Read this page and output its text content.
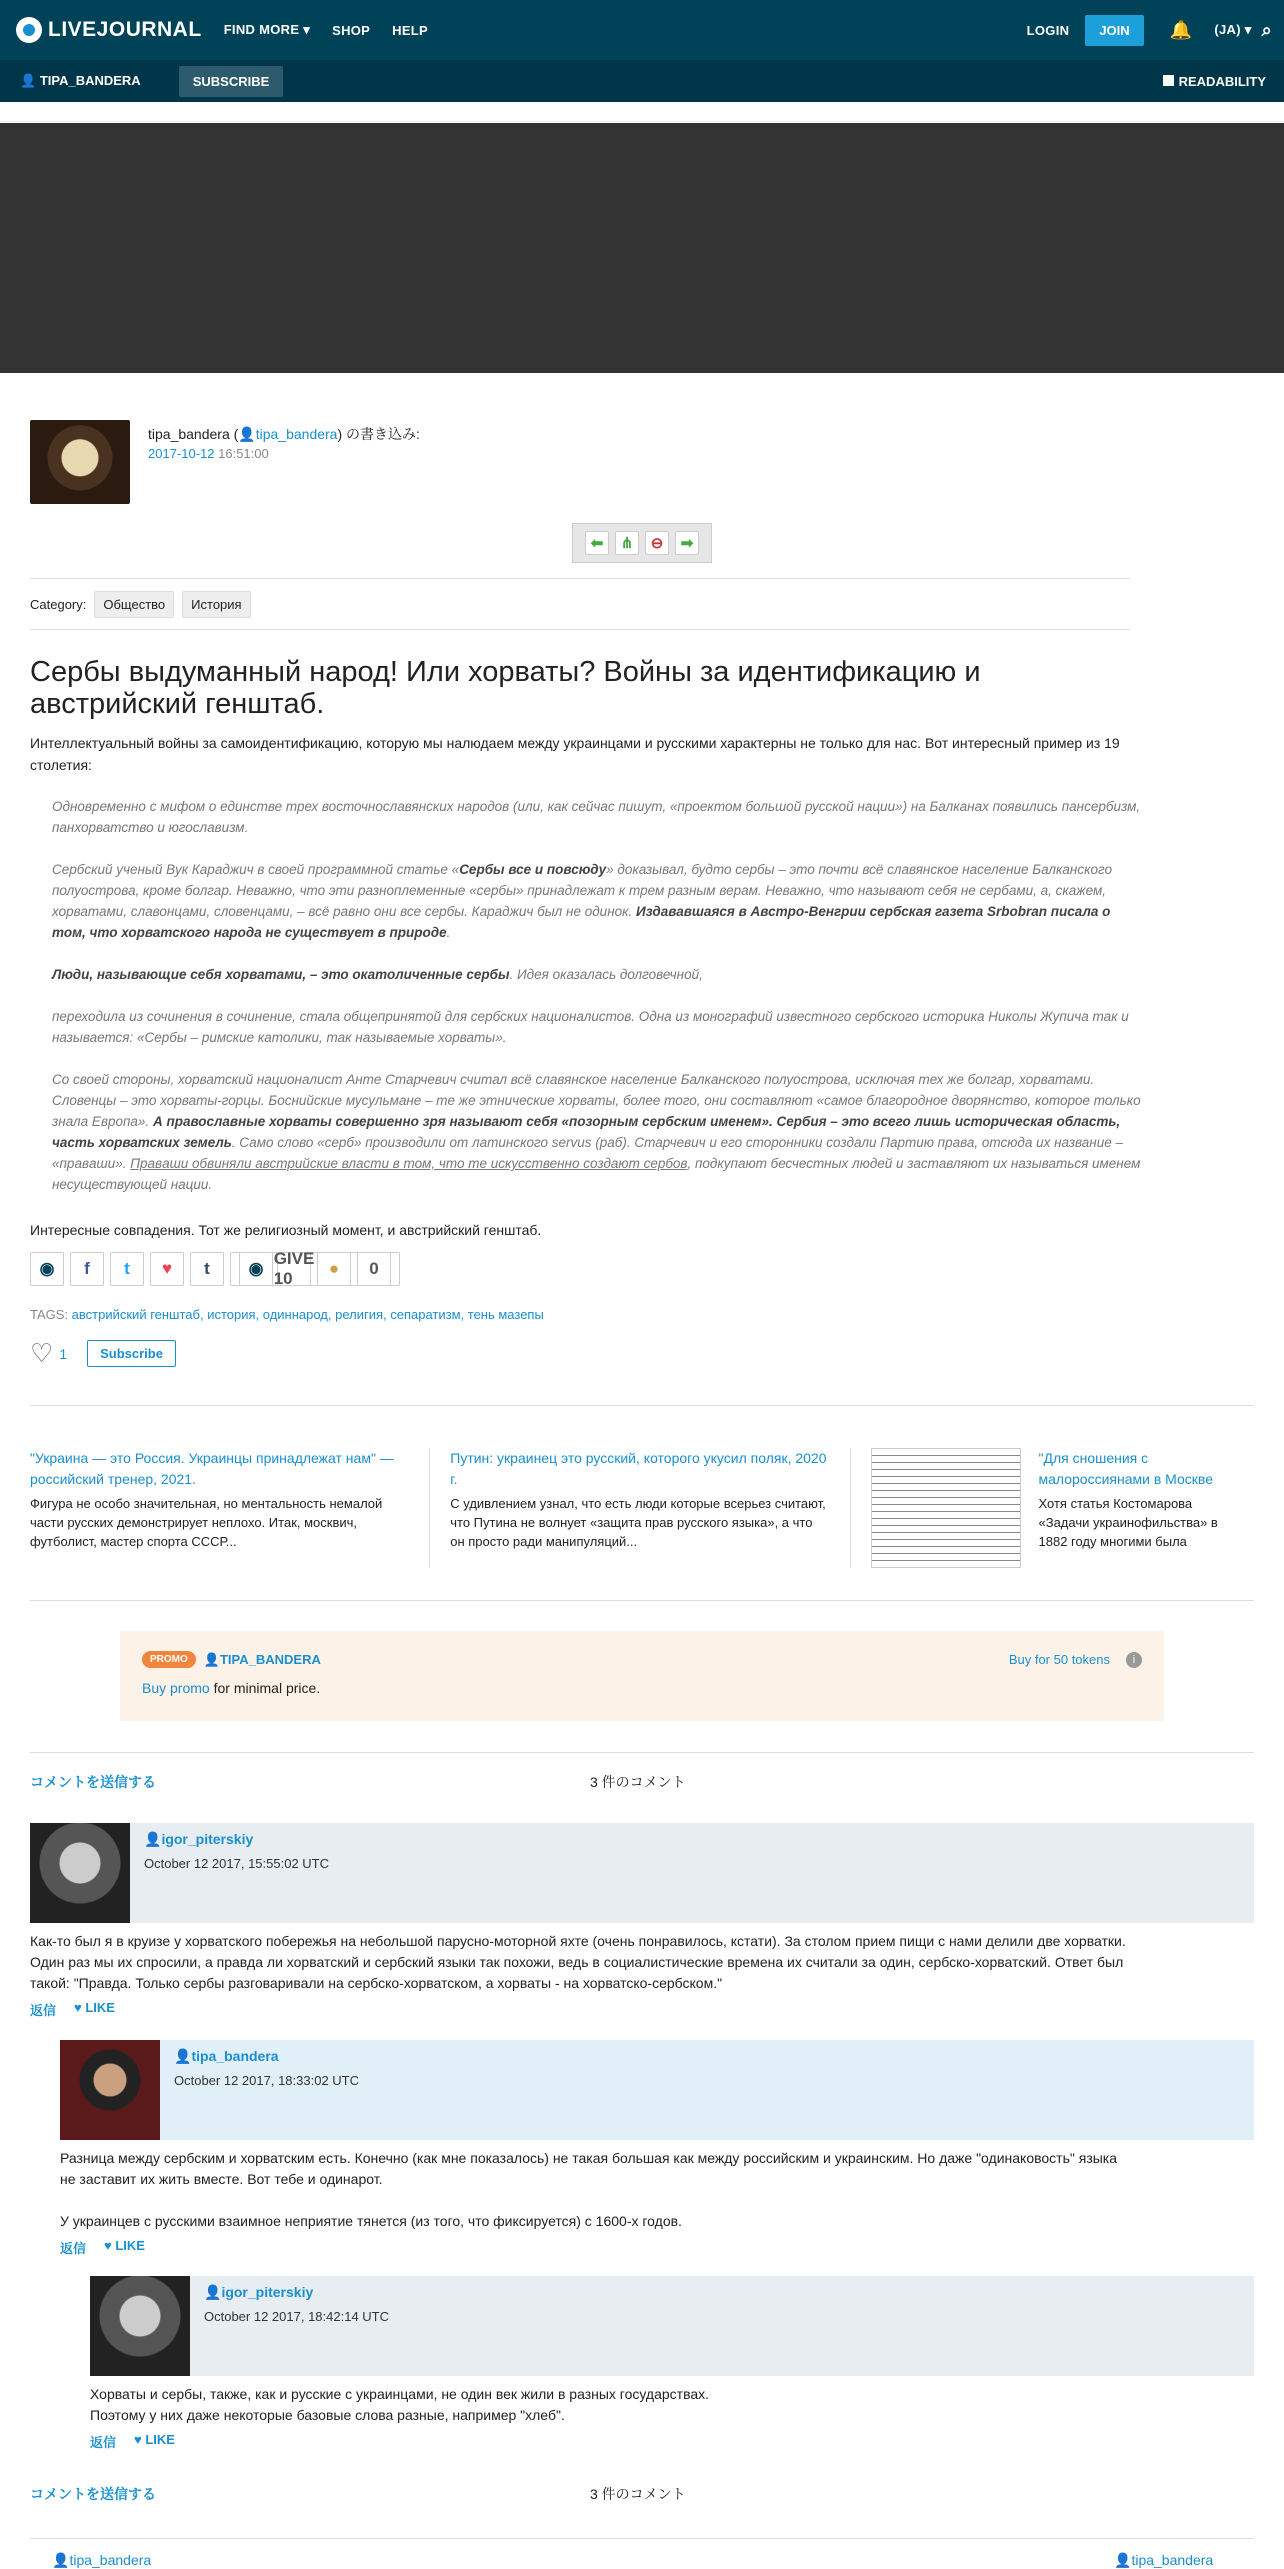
LIVEJOURNAL FIND MORE ▾ SHOP HELP	LOGIN	JOIN	🔔 (JA) ▾ ⌕
👤 TIPA_BANDERA	SUBSCRIBE	READABILITY
tipa_bandera (👤tipa_bandera) の書き込み:
2017-10-12 16:51:00
⬅	⋔	⊖	➡
Category:	Общество	История
Сербы выдуманный народ! Или хорваты? Войны за идентификацию и австрийский генштаб.
Интеллектуальный войны за самоидентификацию, которую мы налюдаем между украинцами и русскими характерны не только для нас. Вот интересный пример из 19 столетия:

Одновременно с мифом о единстве трех восточнославянских народов (или, как сейчас пишут, «проектом большой русской нации») на Балканах появились пансербизм, панхорватство и югославизм.

Сербский ученый Вук Караджич в своей программной статье «Сербы все и повсюду» доказывал, будто сербы – это почти всё славянское население Балканского полуострова, кроме болгар. Неважно, что эти разноплеменные «сербы» принадлежат к трем разным верам. Неважно, что называют себя не сербами, а, скажем, хорватами, славонцами, словенцами, – всё равно они все сербы. Караджич был не одинок. Издававшаяся в Австро-Венгрии сербская газета Srbobran писала о том, что хорватского народа не существует в природе.

Люди, называющие себя хорватами, – это окатоличенные сербы. Идея оказалась долговечной,

переходила из сочинения в сочинение, стала общепринятой для сербских националистов. Одна из монографий известного сербского историка Николы Жупича так и называется: «Сербы – римские католики, так называемые хорваты».

Со своей стороны, хорватский националист Анте Старчевич считал всё славянское население Балканского полуострова, исключая тех же болгар, хорватами. Словенцы – это хорваты-горцы. Боснийские мусульмане – те же этнические хорваты, более того, они составляют «самое благородное дворянство, которое только знала Европа». А православные хорваты совершенно зря называют себя «позорным сербским именем». Сербия – это всего лишь историческая область, часть хорватских земель. Само слово «серб» производили от латинского servus (раб). Старчевич и его сторонники создали Партию права, отсюда их название – «правaши». Правaши обвиняли австрийские власти в том, что те искусственно создают сербов, подкупают бесчестных людей и заставляют их называться именем несуществующей нации.

Интересные совпадения. Тот же религиозный момент, и австрийский генштаб.
◉	f	t	♥	t	◉
GIVE 10
●	0
TAGS: австрийский генштаб, история, одиннарод, религия, сепаратизм, тень мазепы
♡ 1	Subscribe
"Украина — это Россия. Украинцы принадлежат нам" — российский тренер, 2021.
Фигура не особо значительная, но ментальность немалой части русских демонстрирует неплохо. Итак, москвич, футболист, мастер спорта СССР...
Путин: украинец это русский, которого укусил поляк, 2020 г.
С удивлением узнал, что есть люди которые всерьез считают, что Путина не волнует «защита прав русского языка», а что он просто ради манипуляций...
"Для сношения с малороссиянами в Москве
Хотя статья Костомарова «Задачи украинофильства» в 1882 году многими была
PROMO	👤TIPA_BANDERA	Buy for 50 tokens	i
Buy promo for minimal price.
コメントを送信する	3 件のコメント
👤igor_piterskiy
October 12 2017, 15:55:02 UTC
Как-то был я в круизе у хорватского побережья на небольшой парусно-моторной яхте (очень понравилось, кстати). За столом прием пищи с нами делили две хорватки. Один раз мы их спросили, а правда ли хорватский и сербский языки так похожи, ведь в социалистические времена их считали за один, сербско-хорватский. Ответ был такой: "Правда. Только сербы разговаривали на сербско-хорватском, а хорваты - на хорватско-сербском."
返信 ♥ LIKE
👤tipa_bandera
October 12 2017, 18:33:02 UTC
Разница между сербским и хорватским есть. Конечно (как мне показалось) не такая большая как между российским и украинским. Но даже "одинаковость" языка не заставит их жить вместе. Вот тебе и одинарот.
У украинцев с русскими взаимное неприятие тянется (из того, что фиксируется) с 1600-х годов.
返信 ♥ LIKE
👤igor_piterskiy
October 12 2017, 18:42:14 UTC
Хорваты и сербы, также, как и русские с украинцами, не один век жили в разных государствах.
Поэтому у них даже некоторые базовые слова разные, например "хлеб".
返信 ♥ LIKE
コメントを送信する	3 件のコメント
👤tipa_bandera	👤tipa_bandera
